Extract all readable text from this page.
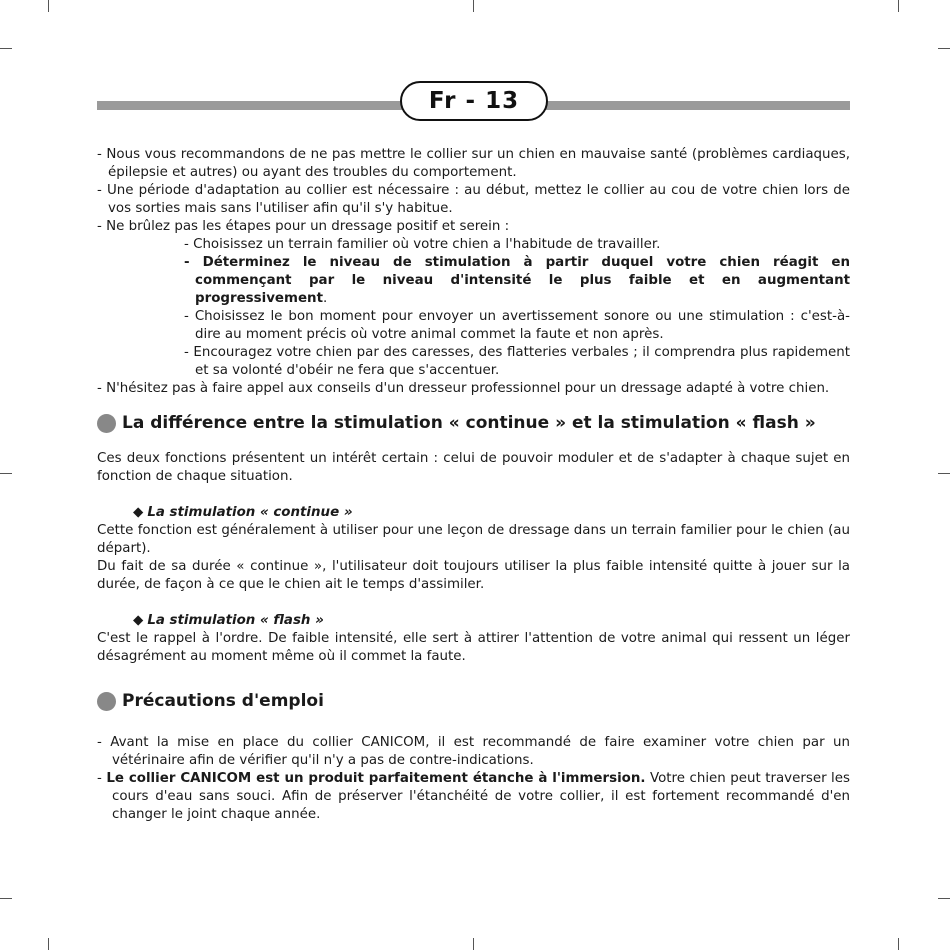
Fr - 13

- Nous vous recommandons de ne pas mettre le collier sur un chien en mauvaise santé (problèmes cardiaques, épilepsie et autres) ou ayant des troubles du comportement.

- Une période d'adaptation au collier est nécessaire : au début, mettez le collier au cou de votre chien lors de vos sorties mais sans l'utiliser afin qu'il s'y habitue.

- Ne brûlez pas les étapes pour un dressage positif et serein :

- Choisissez un terrain familier où votre chien a l'habitude de travailler.

- Déterminez le niveau de stimulation à partir duquel votre chien réagit en commençant par le niveau d'intensité le plus faible et en augmentant progressivement.

- Choisissez le bon moment pour envoyer un avertissement sonore ou une stimulation : c'est-à-dire au moment précis où votre animal commet la faute et non après.

- Encouragez votre chien par des caresses, des flatteries verbales ; il comprendra plus rapidement et sa volonté d'obéir ne fera que s'accentuer.

- N'hésitez pas à faire appel aux conseils d'un dresseur professionnel pour un dressage adapté à votre chien.

La différence entre la stimulation « continue » et la stimulation « flash »

Ces deux fonctions présentent un intérêt certain : celui de pouvoir moduler et de s'adapter à chaque sujet en fonction de chaque situation.

◆ La stimulation « continue »

Cette fonction est généralement à utiliser pour une leçon de dressage dans un terrain familier pour le chien (au départ).

Du fait de sa durée « continue », l'utilisateur doit toujours utiliser la plus faible intensité quitte à jouer sur la durée, de façon à ce que le chien ait le temps d'assimiler.

◆ La stimulation « flash »

C'est le rappel à l'ordre. De faible intensité, elle sert à attirer l'attention de votre animal qui ressent un léger désagrément au moment même où il commet la faute.

Précautions d'emploi

- Avant la mise en place du collier CANICOM, il est recommandé de faire examiner votre chien par un vétérinaire afin de vérifier qu'il n'y a pas de contre-indications.

- Le collier CANICOM est un produit parfaitement étanche à l'immersion. Votre chien peut traverser les cours d'eau sans souci. Afin de préserver l'étanchéité de votre collier, il est fortement recommandé d'en changer le joint chaque année.
